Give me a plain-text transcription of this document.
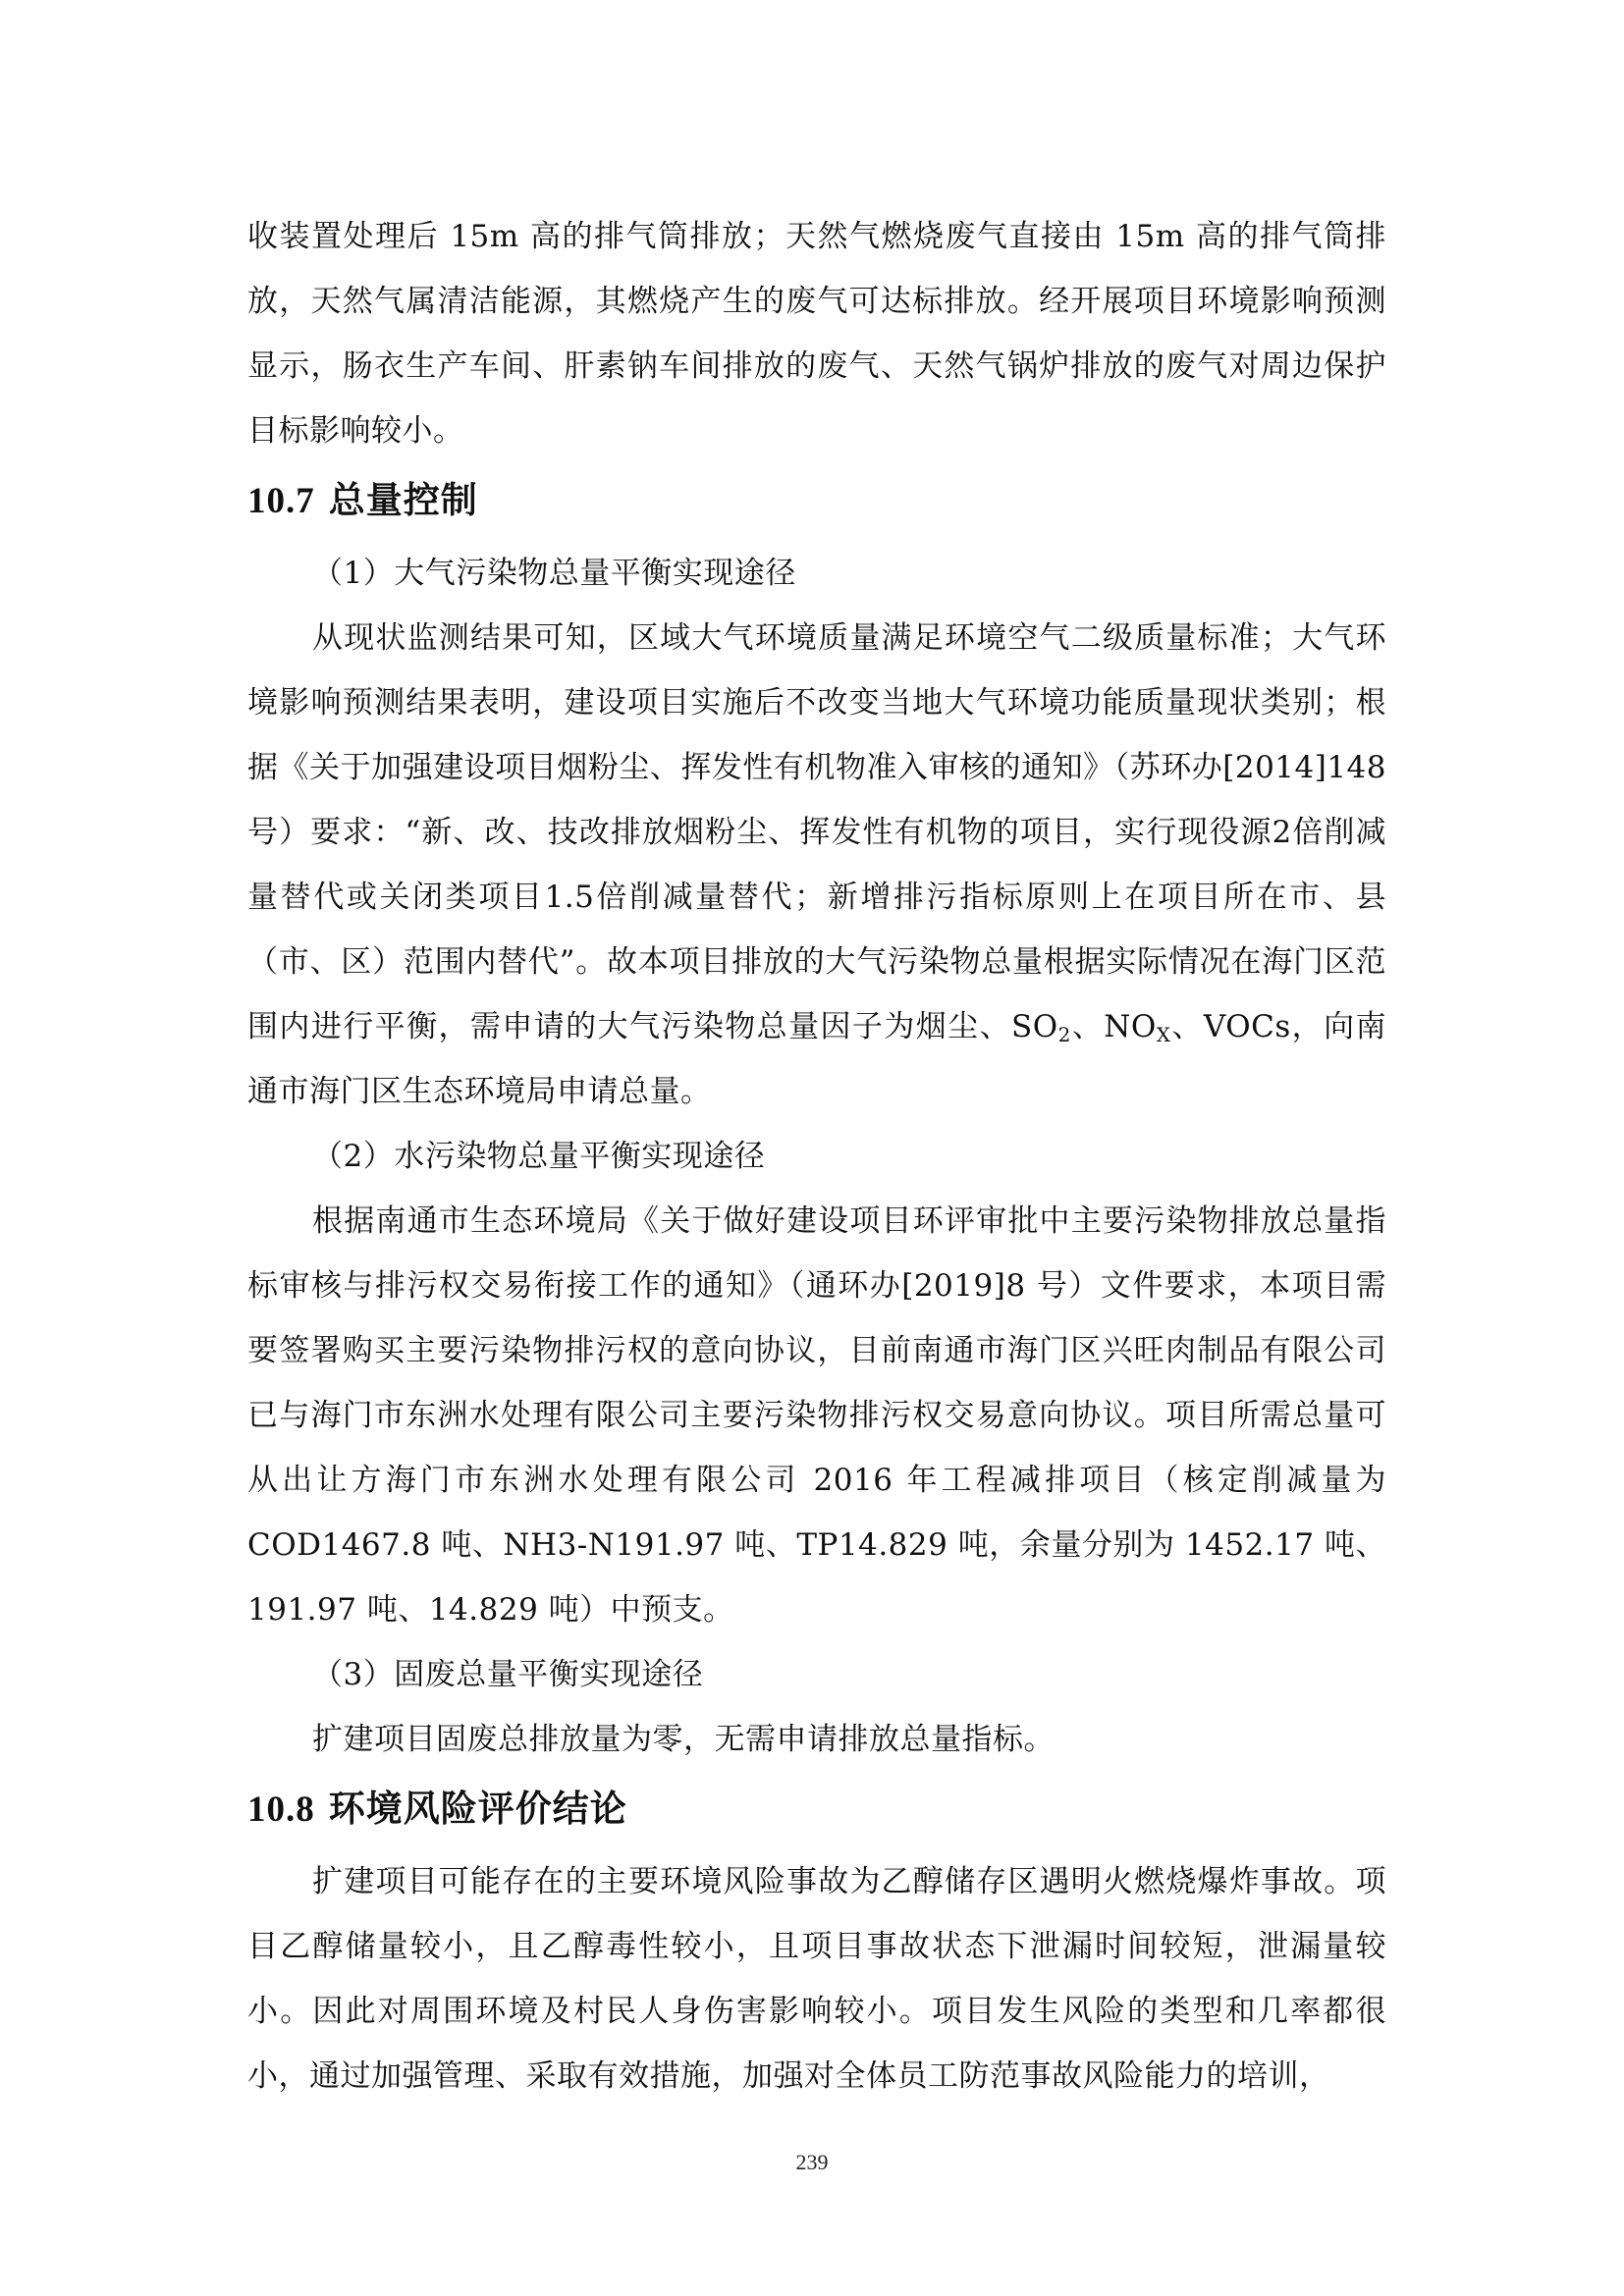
收装置处理后 15m 高的排气筒排放；天然气燃烧废气直接由 15m 高的排气筒排放，天然气属清洁能源，其燃烧产生的废气可达标排放。经开展项目环境影响预测显示，肠衣生产车间、肝素钠车间排放的废气、天然气锅炉排放的废气对周边保护目标影响较小。

10.7 总量控制

（1）大气污染物总量平衡实现途径

从现状监测结果可知，区域大气环境质量满足环境空气二级质量标准；大气环境影响预测结果表明，建设项目实施后不改变当地大气环境功能质量现状类别；根据《关于加强建设项目烟粉尘、挥发性有机物准入审核的通知》（苏环办[2014]148号）要求：“新、改、技改排放烟粉尘、挥发性有机物的项目，实行现役源2倍削减量替代或关闭类项目1.5倍削减量替代；新增排污指标原则上在项目所在市、县（市、区）范围内替代”。故本项目排放的大气污染物总量根据实际情况在海门区范围内进行平衡，需申请的大气污染物总量因子为烟尘、$SO_2$、$NO_X$、VOCs，向南通市海门区生态环境局申请总量。

（2）水污染物总量平衡实现途径

根据南通市生态环境局《关于做好建设项目环评审批中主要污染物排放总量指标审核与排污权交易衔接工作的通知》（通环办[2019]8 号）文件要求，本项目需要签署购买主要污染物排污权的意向协议，目前南通市海门区兴旺肉制品有限公司已与海门市东洲水处理有限公司主要污染物排污权交易意向协议。项目所需总量可从出让方海门市东洲水处理有限公司 2016 年工程减排项目（核定削减量为 COD1467.8 吨、NH3-N191.97 吨、TP14.829 吨，余量分别为 1452.17 吨、191.97 吨、14.829 吨）中预支。

（3）固废总量平衡实现途径

扩建项目固废总排放量为零，无需申请排放总量指标。

10.8 环境风险评价结论

扩建项目可能存在的主要环境风险事故为乙醇储存区遇明火燃烧爆炸事故。项目乙醇储量较小，且乙醇毒性较小，且项目事故状态下泄漏时间较短，泄漏量较小。因此对周围环境及村民人身伤害影响较小。项目发生风险的类型和几率都很小，通过加强管理、采取有效措施，加强对全体员工防范事故风险能力的培训，

239
